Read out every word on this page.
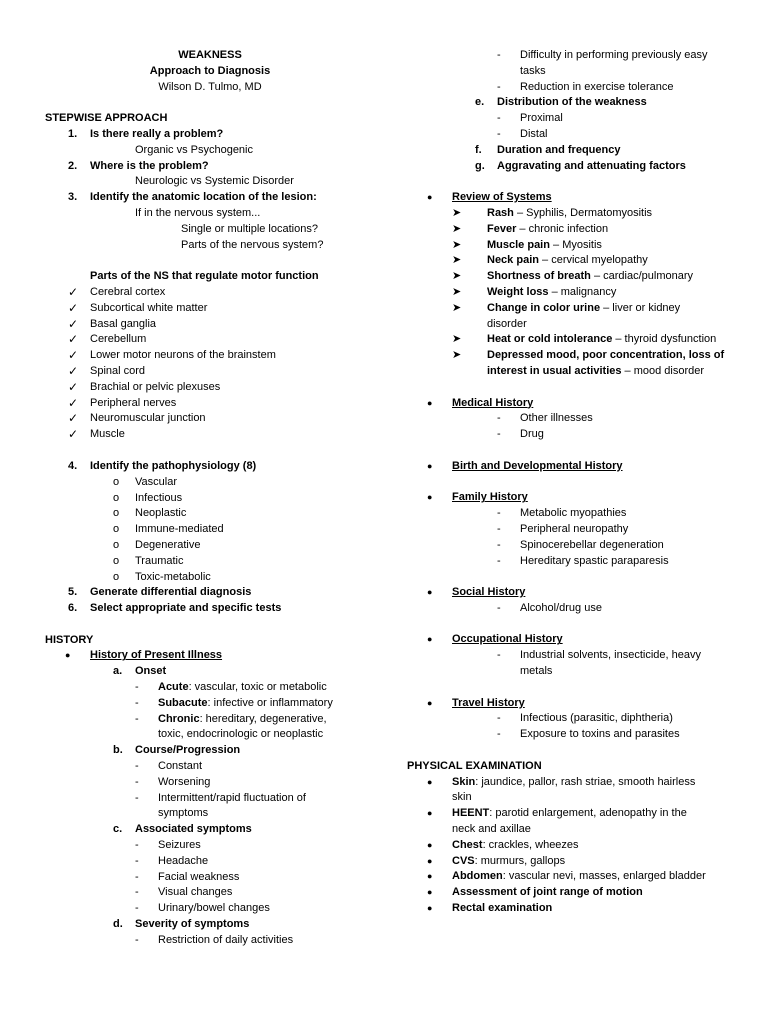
WEAKNESS
Approach to Diagnosis
Wilson D. Tulmo, MD
STEPWISE APPROACH
1. Is there really a problem?
Organic vs Psychogenic
2. Where is the problem?
Neurologic vs Systemic Disorder
3. Identify the anatomic location of the lesion:
If in the nervous system...
Single or multiple locations?
Parts of the nervous system?
Parts of the NS that regulate motor function
✓ Cerebral cortex
✓ Subcortical white matter
✓ Basal ganglia
✓ Cerebellum
✓ Lower motor neurons of the brainstem
✓ Spinal cord
✓ Brachial or pelvic plexuses
✓ Peripheral nerves
✓ Neuromuscular junction
✓ Muscle
4. Identify the pathophysiology (8)
o Vascular
o Infectious
o Neoplastic
o Immune-mediated
o Degenerative
o Traumatic
o Toxic-metabolic
5. Generate differential diagnosis
6. Select appropriate and specific tests
HISTORY
● History of Present Illness
a. Onset
- Acute: vascular, toxic or metabolic
- Subacute: infective or inflammatory
- Chronic: hereditary, degenerative,
toxic, endocrinologic or neoplastic
b. Course/Progression
- Constant
- Worsening
- Intermittent/rapid fluctuation of
symptoms
c. Associated symptoms
- Seizures
- Headache
- Facial weakness
- Visual changes
- Urinary/bowel changes
d. Severity of symptoms
- Restriction of daily activities
- Difficulty in performing previously easy
tasks
- Reduction in exercise tolerance
e. Distribution of the weakness
- Proximal
- Distal
f. Duration and frequency
g. Aggravating and attenuating factors
● Review of Systems
➤ Rash – Syphilis, Dermatomyositis
➤ Fever – chronic infection
➤ Muscle pain – Myositis
➤ Neck pain – cervical myelopathy
➤ Shortness of breath – cardiac/pulmonary
➤ Weight loss – malignancy
➤ Change in color urine – liver or kidney
disorder
➤ Heat or cold intolerance – thyroid dysfunction
➤ Depressed mood, poor concentration, loss of
interest in usual activities – mood disorder
● Medical History
- Other illnesses
- Drug
● Birth and Developmental History
● Family History
- Metabolic myopathies
- Peripheral neuropathy
- Spinocerebellar degeneration
- Hereditary spastic paraparesis
● Social History
- Alcohol/drug use
● Occupational History
- Industrial solvents, insecticide, heavy
metals
● Travel History
- Infectious (parasitic, diphtheria)
- Exposure to toxins and parasites
PHYSICAL EXAMINATION
● Skin: jaundice, pallor, rash striae, smooth hairless
skin
● HEENT: parotid enlargement, adenopathy in the
neck and axillae
● Chest: crackles, wheezes
● CVS: murmurs, gallops
● Abdomen: vascular nevi, masses, enlarged bladder
● Assessment of joint range of motion
● Rectal examination
